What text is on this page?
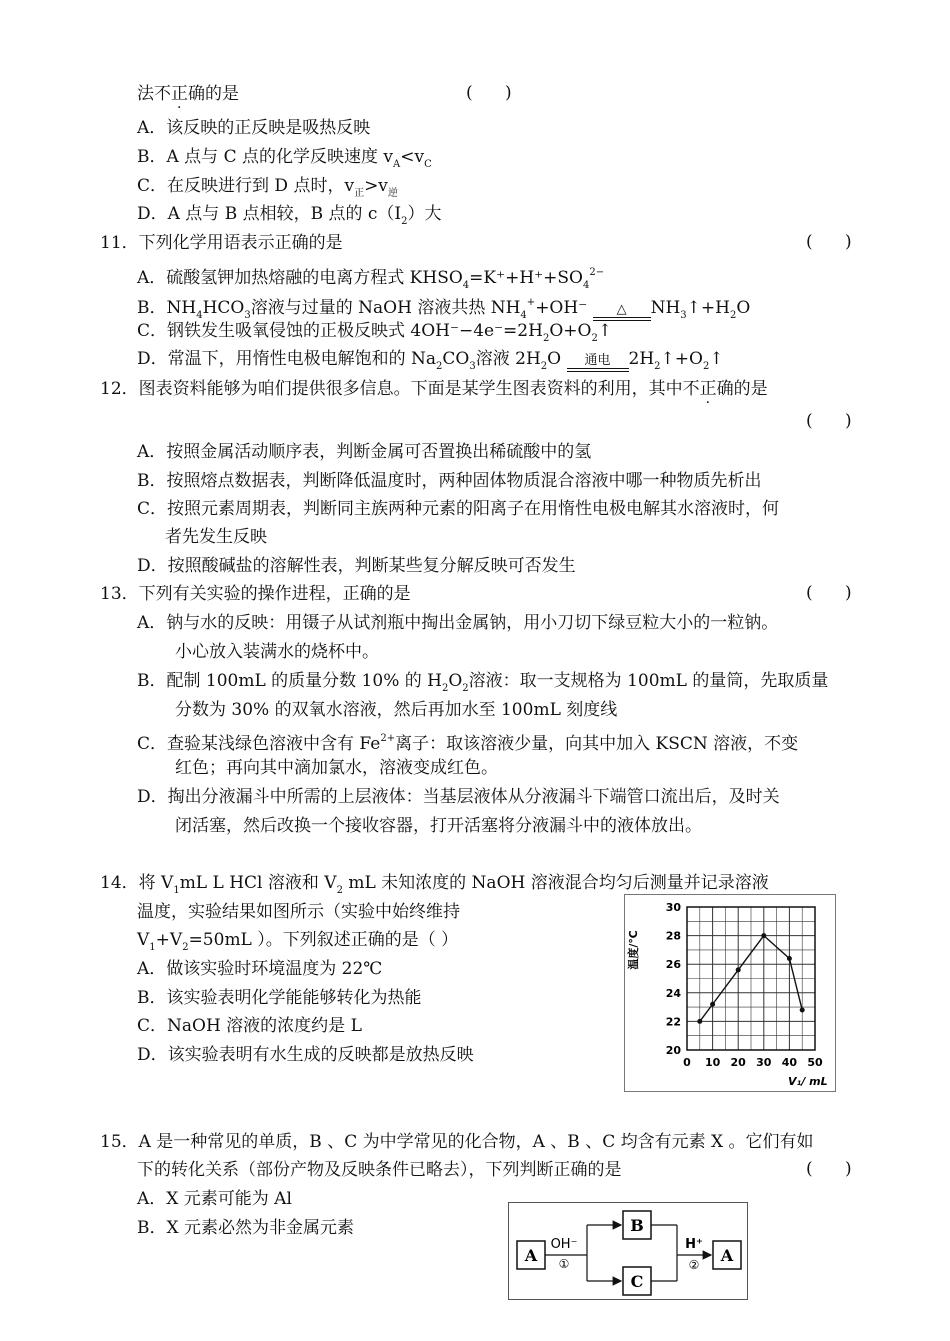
法不正确的是	(      )
A．该反映的正反映是吸热反映
B．A 点与 C 点的化学反映速度 $v_A<v_C$
C．在反映进行到 D 点时，$v_正>v_逆$
D．A 点与 B 点相较，B 点的 $c(I_2)$大
11．下列化学用语表示正确的是	(      )
A．硫酸氢钾加热熔融的电离方程式 $KHSO_4=K^++H^++SO_4^{2-}$
B．$NH_4HCO_3$溶液与过量的 NaOH 溶液共热 $NH_4^++OH^-$	△	$NH_3↑+H_2O$
C．钢铁发生吸氧侵蚀的正极反映式 $4OH^--4e^-=2H_2O+O_2↑$
D．常温下，用惰性电极电解饱和的 $Na_2CO_3$溶液 $2H_2O$	通电	$2H_2↑+O_2↑$
12．图表资料能够为咱们提供很多信息。下面是某学生图表资料的利用，其中不正确的是
(      )
A．按照金属活动顺序表，判断金属可否置换出稀硫酸中的氢
B．按照熔点数据表，判断降低温度时，两种固体物质混合溶液中哪一种物质先析出
C．按照元素周期表，判断同主族两种元素的阳离子在用惰性电极电解其水溶液时，何
者先发生反映
D．按照酸碱盐的溶解性表，判断某些复分解反映可否发生
13．下列有关实验的操作进程，正确的是	(      )
A．钠与水的反映：用镊子从试剂瓶中掏出金属钠，用小刀切下绿豆粒大小的一粒钠。
小心放入装满水的烧杯中。
B．配制 100mL 的质量分数 10% 的 $H_2O_2$溶液：取一支规格为 100mL 的量筒，先取质量
分数为 30% 的双氧水溶液，然后再加水至 100mL 刻度线
C．查验某浅绿色溶液中含有 $Fe^{2+}$离子：取该溶液少量，向其中加入 KSCN 溶液，不变
红色；再向其中滴加氯水，溶液变成红色。
D．掏出分液漏斗中所需的上层液体：当基层液体从分液漏斗下端管口流出后，及时关
闭活塞，然后改换一个接收容器，打开活塞将分液漏斗中的液体放出。
14．将 $V_1mL$ L HCl 溶液和 $V_2$ mL 未知浓度的 NaOH 溶液混合均匀后测量并记录溶液
温度，实验结果如图所示（实验中始终维持
$V_1+V_2=50mL$ ）。下列叙述正确的是（ ）
A．做该实验时环境温度为 22℃
B．该实验表明化学能能够转化为热能
C．NaOH 溶液的浓度约是 L
D．该实验表明有水生成的反映都是放热反映	0 10 20 30 40 50
20
22
24
26
28
30
温度/℃
V₁/ mL
15．A 是一种常见的单质，B 、C 为中学常见的化合物，A 、B 、C 均含有元素 X 。它们有如
下的转化关系（部份产物及反映条件已略去），下列判断正确的是	(      )
A．X 元素可能为 Al
B．X 元素必然为非金属元素
A
OH⁻
①
B
C
H⁺
② A
